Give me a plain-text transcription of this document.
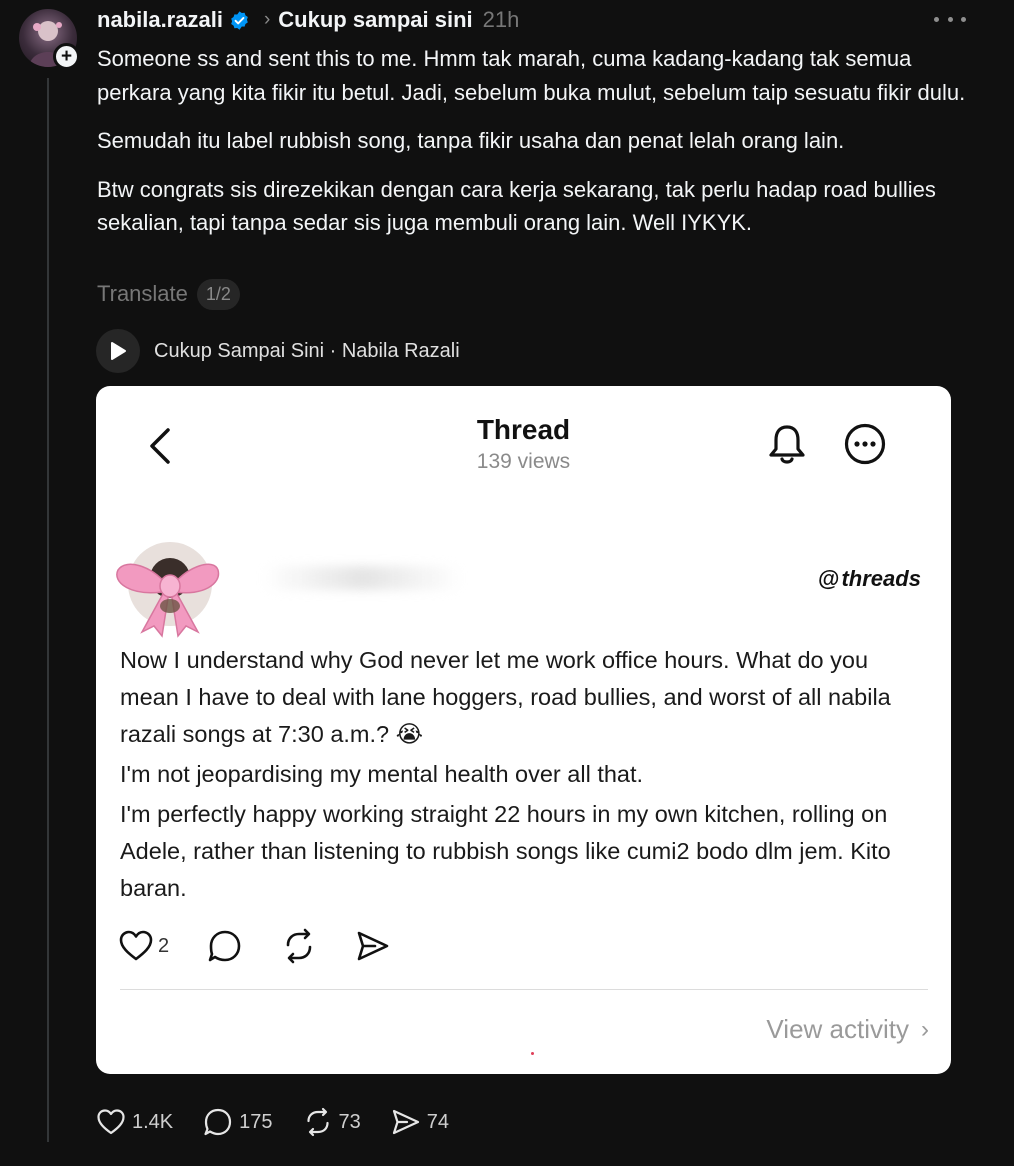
+
nabila.razali › Cukup sampai sini 21h

Someone ss and sent this to me. Hmm tak marah, cuma kadang-kadang tak semua perkara yang kita fikir itu betul. Jadi, sebelum buka mulut, sebelum taip sesuatu fikir dulu.

Semudah itu label rubbish song, tanpa fikir usaha dan penat lelah orang lain.

Btw congrats sis direzekikan dengan cara kerja sekarang, tak perlu hadap road bullies sekalian, tapi tanpa sedar sis juga membuli orang lain. Well IYKYK.

Translate	1/2
Cukup Sampai Sini · Nabila Razali
Thread
139 views
@ threads

Now I understand why God never let me work office hours. What do you mean I have to deal with lane hoggers, road bullies, and worst of all nabila razali songs at 7:30 a.m.? 😭

I'm not jeopardising my mental health over all that.

I'm perfectly happy working straight 22 hours in my own kitchen, rolling on Adele, rather than listening to rubbish songs like cumi2 bodo dlm jem. Kito baran.

2
View activity ›
1.4K	175	73	74
